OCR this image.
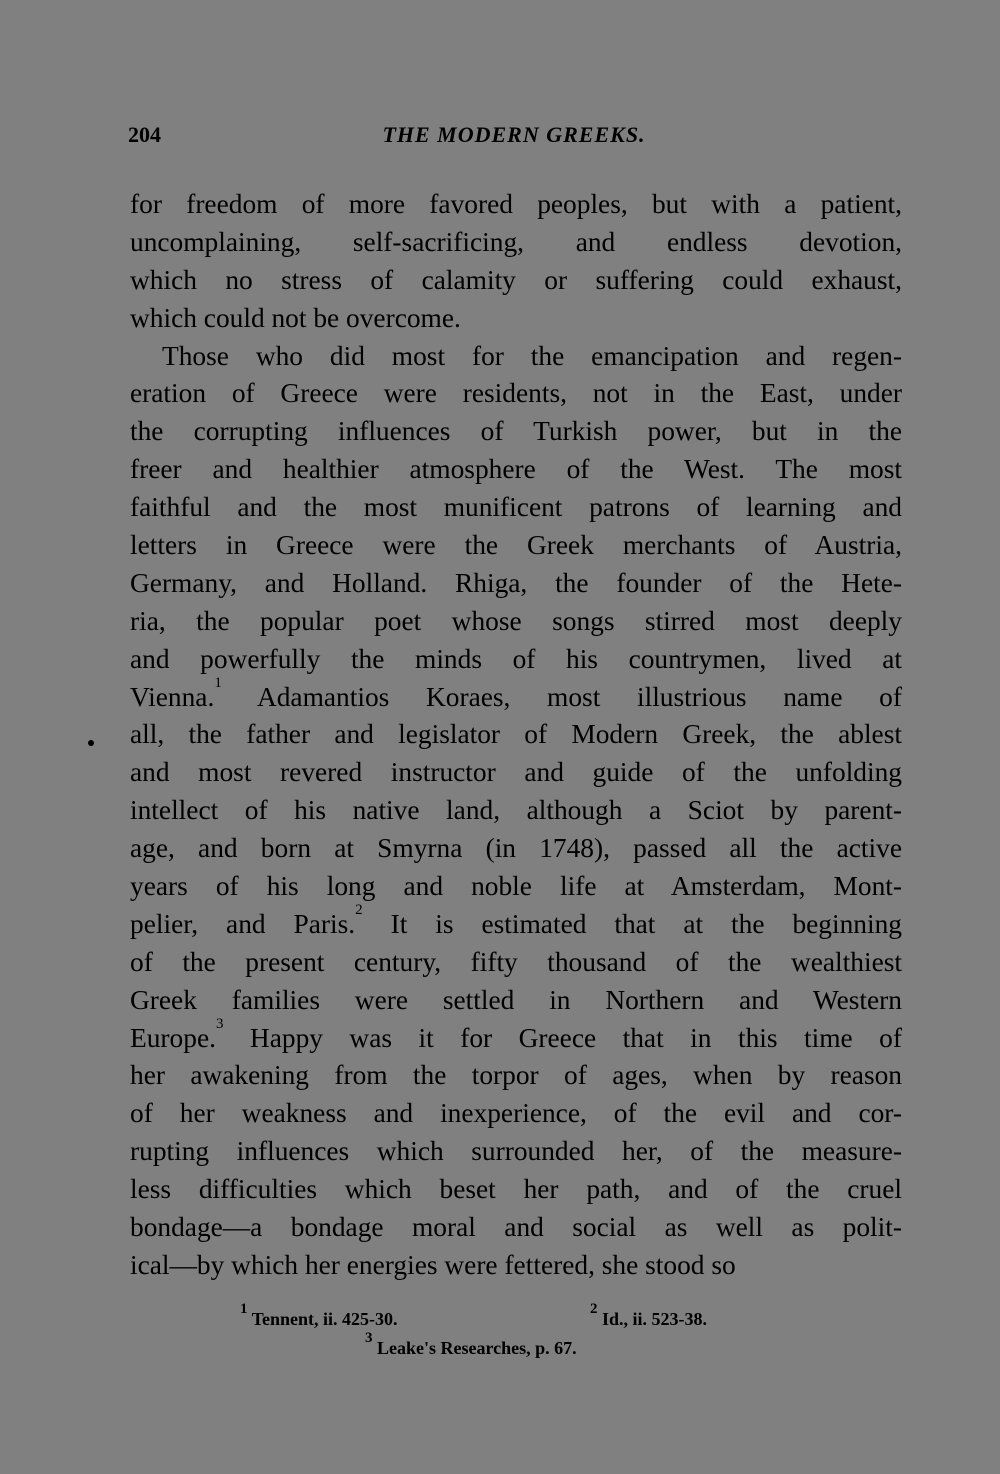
204	THE MODERN GREEKS.
for freedom of more favored peoples, but with a patient,
uncomplaining, self-sacrificing, and endless devotion,
which no stress of calamity or suffering could exhaust,
which could not be overcome.
Those who did most for the emancipation and regen-
eration of Greece were residents, not in the East, under
the corrupting influences of Turkish power, but in the
freer and healthier atmosphere of the West. The most
faithful and the most munificent patrons of learning and
letters in Greece were the Greek merchants of Austria,
Germany, and Holland. Rhiga, the founder of the Hete-
ria, the popular poet whose songs stirred most deeply
and powerfully the minds of his countrymen, lived at
Vienna.$^1$ Adamantios Koraes, most illustrious name of
all, the father and legislator of Modern Greek, the ablest
and most revered instructor and guide of the unfolding
intellect of his native land, although a Sciot by parent-
age, and born at Smyrna (in 1748), passed all the active
years of his long and noble life at Amsterdam, Mont-
pelier, and Paris.$^2$ It is estimated that at the beginning
of the present century, fifty thousand of the wealthiest
Greek families were settled in Northern and Western
Europe.$^3$ Happy was it for Greece that in this time of
her awakening from the torpor of ages, when by reason
of her weakness and inexperience, of the evil and cor-
rupting influences which surrounded her, of the measure-
less difficulties which beset her path, and of the cruel
bondage—a bondage moral and social as well as polit-
ical—by which her energies were fettered, she stood so
$^1$ Tennent, ii. 425-30.	$^2$ Id., ii. 523-38.
$^3$ Leake's Researches, p. 67.
